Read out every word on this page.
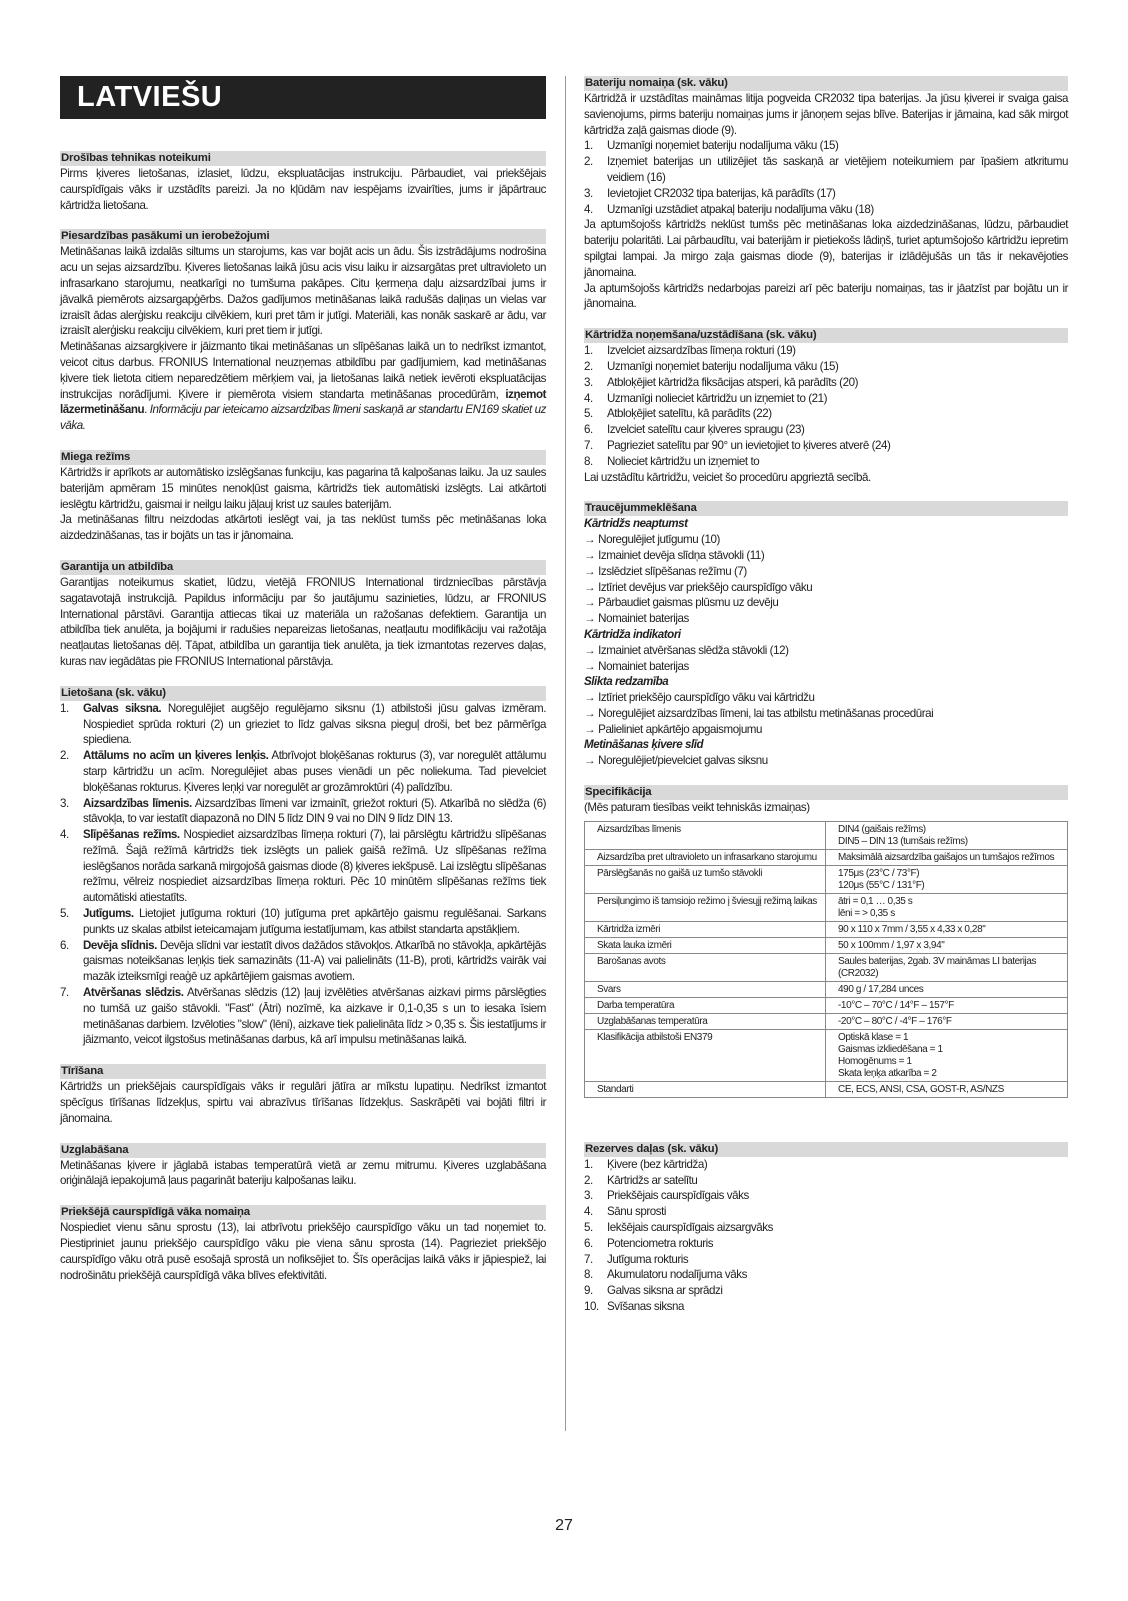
LATVIEŠU
Drošības tehnikas noteikumi

Pirms ķiveres lietošanas, izlasiet, lūdzu, ekspluatācijas instrukciju. Pārbaudiet, vai priekšējais caurspīdīgais vāks ir uzstādīts pareizi. Ja no kļūdām nav iespējams izvairīties, jums ir jāpārtrauc kārtridža lietošana.

Piesardzības pasākumi un ierobežojumi

Metināšanas laikā izdalās siltums un starojums, kas var bojāt acis un ādu. Šis izstrādājums nodrošina acu un sejas aizsardzību. Ķiveres lietošanas laikā jūsu acis visu laiku ir aizsargātas pret ultravioleto un infrasarkano starojumu, neatkarīgi no tumšuma pakāpes. Citu ķermeņa daļu aizsardzībai jums ir jāvalkā piemērots aizsargapģērbs. Dažos gadījumos metināšanas laikā radušās daļiņas un vielas var izraisīt ādas alerģisku reakciju cilvēkiem, kuri pret tām ir jutīgi. Materiāli, kas nonāk saskarē ar ādu, var izraisīt alerģisku reakciju cilvēkiem, kuri pret tiem ir jutīgi.

Metināšanas aizsargķivere ir jāizmanto tikai metināšanas un slīpēšanas laikā un to nedrīkst izmantot, veicot citus darbus. FRONIUS International neuzņemas atbildību par gadījumiem, kad metināšanas ķivere tiek lietota citiem neparedzētiem mērķiem vai, ja lietošanas laikā netiek ievēroti ekspluatācijas instrukcijas norādījumi. Ķivere ir piemērota visiem standarta metināšanas procedūrām, izņemot lāzermetināšanu. Informāciju par ieteicamo aizsardzības līmeni saskaņā ar standartu EN169 skatiet uz vāka.

Miega režīms

Kārtridžs ir aprīkots ar automātisko izslēgšanas funkciju, kas pagarina tā kalpošanas laiku. Ja uz saules baterijām apmēram 15 minūtes nenokļūst gaisma, kārtridžs tiek automātiski izslēgts. Lai atkārtoti ieslēgtu kārtridžu, gaismai ir neilgu laiku jāļauj krist uz saules baterijām.

Ja metināšanas filtru neizdodas atkārtoti ieslēgt vai, ja tas neklūst tumšs pēc metināšanas loka aizdedzināšanas, tas ir bojāts un tas ir jānomaina.

Garantija un atbildība

Garantijas noteikumus skatiet, lūdzu, vietējā FRONIUS International tirdzniecības pārstāvja sagatavotajā instrukcijā. Papildus informāciju par šo jautājumu sazinieties, lūdzu, ar FRONIUS International pārstāvi. Garantija attiecas tikai uz materiāla un ražošanas defektiem. Garantija un atbildība tiek anulēta, ja bojājumi ir radušies nepareizas lietošanas, neatļautu modifikāciju vai ražotāja neatļautas lietošanas dēļ. Tāpat, atbildība un garantija tiek anulēta, ja tiek izmantotas rezerves daļas, kuras nav iegādātas pie FRONIUS International pārstāvja.

Lietošana (sk. vāku)
1. Galvas siksna. Noregulējiet augšējo regulējamo siksnu (1) atbilstoši jūsu galvas izmēram. Nospiediet sprūda rokturi (2) un grieziet to līdz galvas siksna pieguļ droši, bet bez pārmērīga spiediena.
2. Attālums no acīm un ķiveres lenķis. Atbrīvojot bloķēšanas rokturus (3), var noregulēt attālumu starp kārtridžu un acīm. Noregulējiet abas puses vienādi un pēc noliekuma. Tad pievelciet bloķēšanas rokturus. Ķiveres leņķi var noregulēt ar grozāmroktūri (4) palīdzību.
3. Aizsardzības līmenis. Aizsardzības līmeni var izmainīt, griežot rokturi (5). Atkarībā no slēdža (6) stāvokļa, to var iestatīt diapazonā no DIN 5 līdz DIN 9 vai no DIN 9 līdz DIN 13.
4. Slīpēšanas režīms. Nospiediet aizsardzības līmeņa rokturi (7), lai pārslēgtu kārtridžu slīpēšanas režīmā. Šajā režīmā kārtridžs tiek izslēgts un paliek gaišā režīmā. Uz slīpēšanas režīma ieslēgšanos norāda sarkanā mirgojošā gaismas diode (8) ķiveres iekšpusē. Lai izslēgtu slīpēšanas režīmu, vēlreiz nospiediet aizsardzības līmeņa rokturi. Pēc 10 minūtēm slīpēšanas režīms tiek automātiski atiestatīts.
5. Jutīgums. Lietojiet jutīguma rokturi (10) jutīguma pret apkārtējo gaismu regulēšanai. Sarkans punkts uz skalas atbilst ieteicamajam jutīguma iestatījumam, kas atbilst standarta apstākļiem.
6. Devēja slīdnis. Devēja slīdni var iestatīt divos dažādos stāvokļos. Atkarībā no stāvokļa, apkārtējās gaismas noteikšanas leņķis tiek samazināts (11-A) vai palielināts (11-B), proti, kārtridžs vairāk vai mazāk izteiksmīgi reaģē uz apkārtējiem gaismas avotiem.
7. Atvēršanas slēdzis. Atvēršanas slēdzis (12) ļauj izvēlēties atvēršanas aizkavi pirms pārslēgties no tumšā uz gaišo stāvokli. "Fast" (Ātri) nozīmē, ka aizkave ir 0,1-0,35 s un to iesaka īsiem metināšanas darbiem. Izvēloties "slow" (lēni), aizkave tiek palielināta līdz > 0,35 s. Šis iestatījums ir jāizmanto, veicot ilgstošus metināšanas darbus, kā arī impulsu metināšanas laikā.
Tīrīšana

Kārtridžs un priekšējais caurspīdīgais vāks ir regulāri jātīra ar mīkstu lupatiņu. Nedrīkst izmantot spēcīgus tīrīšanas līdzekļus, spirtu vai abrazīvus tīrīšanas līdzekļus. Saskrāpēti vai bojāti filtri ir jānomaina.

Uzglabāšana

Metināšanas ķivere ir jāglabā istabas temperatūrā vietā ar zemu mitrumu. Ķiveres uzglabāšana oriģinālajā iepakojumā ļaus pagarināt bateriju kalpošanas laiku.

Priekšējā caurspīdīgā vāka nomaiņa

Nospiediet vienu sānu sprostu (13), lai atbrīvotu priekšējo caurspīdīgo vāku un tad noņemiet to. Piestipriniet jaunu priekšējo caurspīdīgo vāku pie viena sānu sprosta (14). Pagrieziet priekšējo caurspīdīgo vāku otrā pusē esošajā sprostā un nofiksējiet to. Šīs operācijas laikā vāks ir jāpiespiež, lai nodrošinātu priekšējā caurspīdīgā vāka blīves efektivitāti.

Bateriju nomaiņa (sk. vāku)

Kārtridžā ir uzstādītas maināmas litija pogveida CR2032 tipa baterijas. Ja jūsu ķiverei ir svaiga gaisa savienojums, pirms bateriju nomaiņas jums ir jānoņem sejas blīve. Baterijas ir jāmaina, kad sāk mirgot kārtridža zaļā gaismas diode (9).

1. Uzmanīgi noņemiet bateriju nodalījuma vāku (15)
2. Izņemiet baterijas un utilizējiet tās saskaņā ar vietējiem noteikumiem par īpašiem atkritumu veidiem (16)
3. Ievietojiet CR2032 tipa baterijas, kā parādīts (17)
4. Uzmanīgi uzstādiet atpakaļ bateriju nodalījuma vāku (18)

Ja aptumšojošs kārtridžs neklūst tumšs pēc metināšanas loka aizdedzināšanas, lūdzu, pārbaudiet bateriju polaritāti. Lai pārbaudītu, vai baterijām ir pietiekošs lādiņš, turiet aptumšojošo kārtridžu iepretim spilgtai lampai. Ja mirgo zaļa gaismas diode (9), baterijas ir izlādējušās un tās ir nekavējoties jānomaina.

Ja aptumšojošs kārtridžs nedarbojas pareizi arī pēc bateriju nomaiņas, tas ir jāatzīst par bojātu un ir jānomaina.

Kārtridža noņemšana/uzstādīšana (sk. vāku)
1. Izvelciet aizsardzības līmeņa rokturi (19)
2. Uzmanīgi noņemiet bateriju nodalījuma vāku (15)
3. Atbloķējiet kārtridža fiksācijas atsperi, kā parādīts (20)
4. Uzmanīgi nolieciet kārtridžu un izņemiet to (21)
5. Atbloķējiet satelītu, kā parādīts (22)
6. Izvelciet satelītu caur ķiveres spraugu (23)
7. Pagrieziet satelītu par 90° un ievietojiet to ķiveres atverē (24)
8. Nolieciet kārtridžu un izņemiet to

Lai uzstādītu kārtridžu, veiciet šo procedūru apgrieztā secībā.

Traucējummeklēšana

Kārtridžs neaptumst

→ Noregulējiet jutīgumu (10)

→ Izmainiet devēja slīdņa stāvokli (11)

→ Izslēdziet slīpēšanas režīmu (7)

→ Iztīriet devējus var priekšējo caurspīdīgo vāku

→ Pārbaudiet gaismas plūsmu uz devēju

→ Nomainiet baterijas

Kārtridža indikatori

→ Izmainiet atvēršanas slēdža stāvokli (12)

→ Nomainiet baterijas

Slikta redzamība

→ Iztīriet priekšējo caurspīdīgo vāku vai kārtridžu

→ Noregulējiet aizsardzības līmeni, lai tas atbilstu metināšanas procedūrai

→ Palieliniet apkārtējo apgaismojumu

Metināšanas ķivere slīd

→ Noregulējiet/pievelciet galvas siksnu

Specifikācija

(Mēs paturam tiesības veikt tehniskās izmaiņas)

Aizsardzības līmenis	DIN4 (gaišais režīms)
DIN5 – DIN 13 (tumšais režīms)

Aizsardzība pret ultravioleto un infrasarkano starojumu	Maksimālā aizsardzība gaišajos un tumšajos režīmos

Pārslēgšanās no gaišā uz tumšo stāvokli	175μs (23°C / 73°F)
120μs (55°C / 131°F)

Persiļungimo iš tamsiojo režimo į šviesųjį režimą laikas	ātri = 0,1 … 0,35 s
lēni = > 0,35 s

Kārtridža izmēri	90 x 110 x 7mm / 3,55 x 4,33 x 0,28"

Skata lauka izmēri	50 x 100mm / 1,97 x 3,94"

Barošanas avots	Saules baterijas, 2gab. 3V maināmas LI baterijas (CR2032)

Svars	490 g / 17,284 unces

Darba temperatūra	-10°C – 70°C / 14°F – 157°F

Uzglabāšanas temperatūra	-20°C – 80°C / -4°F – 176°F

Klasifikācija atbilstoši EN379	Optiskā klase = 1
Gaismas izkliedēšana = 1
Homogēnums = 1
Skata leņķa atkarība = 2

Standarti	CE, ECS, ANSI, CSA, GOST-R, AS/NZS
Rezerves daļas (sk. vāku)
1. Ķivere (bez kārtridža)
2. Kārtridžs ar satelītu
3. Priekšējais caurspīdīgais vāks
4. Sānu sprosti
5. Iekšējais caurspīdīgais aizsargvāks
6. Potenciometra rokturis
7. Jutīguma rokturis
8. Akumulatoru nodalījuma vāks
9. Galvas siksna ar sprādzi
10. Svīšanas siksna
27
